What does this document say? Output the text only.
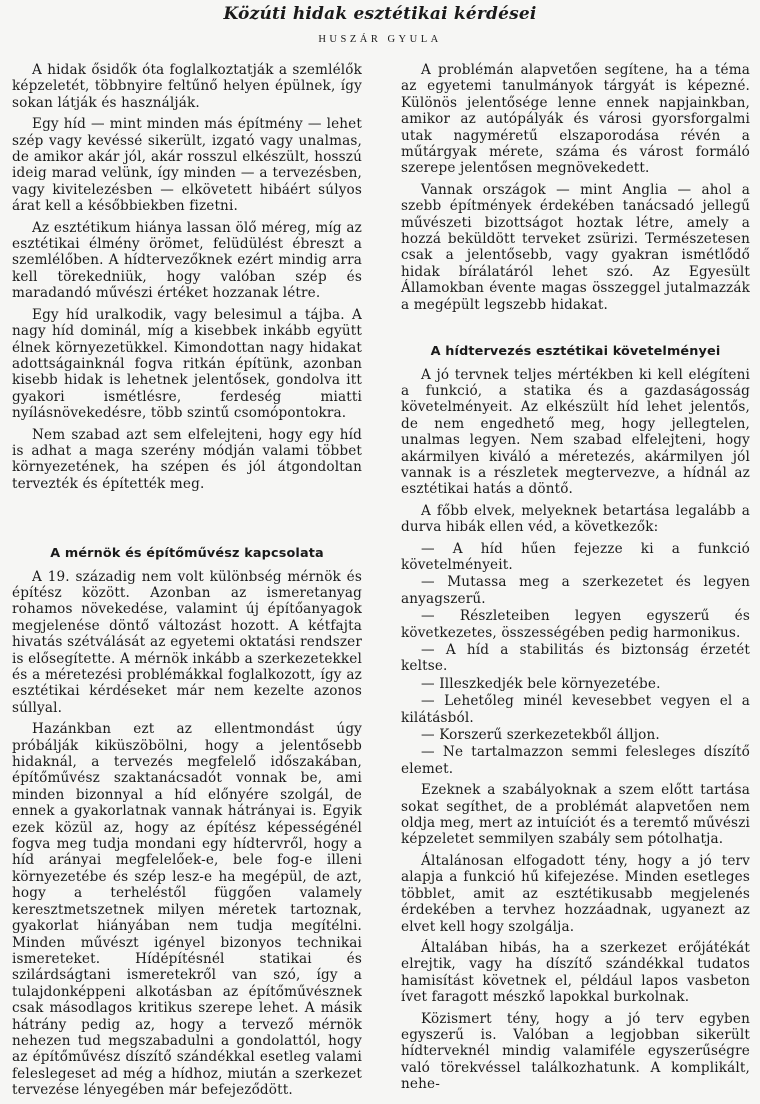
Közúti hidak esztétikai kérdései
HUSZÁR GYULA

A hidak ősidők óta foglalkoztatják a szemlélők képzeletét, többnyire feltűnő helyen épülnek, így sokan látják és használják.

Egy híd — mint minden más építmény — lehet szép vagy kevéssé sikerült, izgató vagy unalmas, de amikor akár jól, akár rosszul elkészült, hosszú ideig marad velünk, így minden — a tervezésben, vagy kivitelezésben — elkövetett hibáért súlyos árat kell a későbbiekben fizetni.

Az esztétikum hiánya lassan ölő méreg, míg az esztétikai élmény örömet, felüdülést ébreszt a szemlélőben. A hídtervezőknek ezért mindig arra kell törekedniük, hogy valóban szép és maradandó művészi értéket hozzanak létre.

Egy híd uralkodik, vagy belesimul a tájba. A nagy híd dominál, míg a kisebbek inkább együtt élnek környezetükkel. Kimondottan nagy hidakat adottságainknál fogva ritkán építünk, azonban kisebb hidak is lehetnek jelentősek, gondolva itt gyakori ismétlésre, ferdeség miatti nyílásnövekedésre, több szintű csomópontokra.

Nem szabad azt sem elfelejteni, hogy egy híd is adhat a maga szerény módján valami többet környezetének, ha szépen és jól átgondoltan tervezték és építették meg.

A mérnök és építőművész kapcsolata

A 19. századig nem volt különbség mérnök és építész között. Azonban az ismeretanyag rohamos növekedése, valamint új építőanyagok megjelenése döntő változást hozott. A kétfajta hivatás szétválását az egyetemi oktatási rendszer is elősegítette. A mérnök inkább a szerkezetekkel és a méretezési problémákkal foglalkozott, így az esztétikai kérdéseket már nem kezelte azonos súllyal.

Hazánkban ezt az ellentmondást úgy próbálják kiküszöbölni, hogy a jelentősebb hidaknál, a tervezés megfelelő időszakában, építőművész szaktanácsadót vonnak be, ami minden bizonnyal a híd előnyére szolgál, de ennek a gyakorlatnak vannak hátrányai is. Egyik ezek közül az, hogy az építész képességénél fogva meg tudja mondani egy hídtervről, hogy a híd arányai megfelelőek-e, bele fog-e illeni környezetébe és szép lesz-e ha megépül, de azt, hogy a terheléstől függően valamely keresztmetszetnek milyen méretek tartoznak, gyakorlat hiányában nem tudja megítélni. Minden művészt igényel bizonyos technikai ismereteket. Hídépítésnél statikai és szilárdságtani ismeretekről van szó, így a tulajdonképpeni alkotásban az építőművésznek csak másodlagos kritikus szerepe lehet. A másik hátrány pedig az, hogy a tervező mérnök nehezen tud megszabadulni a gondolattól, hogy az építőművész díszítő szándékkal esetleg valami feleslegeset ad még a hídhoz, miután a szerkezet tervezése lényegében már befejeződött.

A problémán alapvetően segítene, ha a téma az egyetemi tanulmányok tárgyát is képezné. Különös jelentősége lenne ennek napjainkban, amikor az autópályák és városi gyorsforgalmi utak nagyméretű elszaporodása révén a műtárgyak mérete, száma és várost formáló szerepe jelentősen megnövekedett.

Vannak országok — mint Anglia — ahol a szebb építmények érdekében tanácsadó jellegű művészeti bizottságot hoztak létre, amely a hozzá beküldött terveket zsürizi. Természetesen csak a jelentősebb, vagy gyakran ismétlődő hidak bírálatáról lehet szó. Az Egyesült Államokban évente magas összeggel jutalmazzák a megépült legszebb hidakat.

A hídtervezés esztétikai követelményei

A jó tervnek teljes mértékben ki kell elégíteni a funkció, a statika és a gazdaságosság követelményeit. Az elkészült híd lehet jelentős, de nem engedhető meg, hogy jellegtelen, unalmas legyen. Nem szabad elfelejteni, hogy akármilyen kiváló a méretezés, akármilyen jól vannak is a részletek megtervezve, a hídnál az esztétikai hatás a döntő.

A főbb elvek, melyeknek betartása legalább a durva hibák ellen véd, a következők:

— A híd hűen fejezze ki a funkció követelményeit.

— Mutassa meg a szerkezetet és legyen anyagszerű.

— Részleteiben legyen egyszerű és következetes, összességében pedig harmonikus.

— A híd a stabilitás és biztonság érzetét keltse.

— Illeszkedjék bele környezetébe.

— Lehetőleg minél kevesebbet vegyen el a kilátásból.

— Korszerű szerkezetekből álljon.

— Ne tartalmazzon semmi felesleges díszítő elemet.

Ezeknek a szabályoknak a szem előtt tartása sokat segíthet, de a problémát alapvetően nem oldja meg, mert az intuíciót és a teremtő művészi képzeletet semmilyen szabály sem pótolhatja.

Általánosan elfogadott tény, hogy a jó terv alapja a funkció hű kifejezése. Minden esetleges többlet, amit az esztétikusabb megjelenés érdekében a tervhez hozzáadnak, ugyanezt az elvet kell hogy szolgálja.

Általában hibás, ha a szerkezet erőjátékát elrejtik, vagy ha díszítő szándékkal tudatos hamisítást követnek el, például lapos vasbeton ívet faragott mészkő lapokkal burkolnak.

Közismert tény, hogy a jó terv egyben egyszerű is. Valóban a legjobban sikerült hídterveknél mindig valamiféle egyszerűségre való törekvéssel találkozhatunk. A komplikált, nehe-
